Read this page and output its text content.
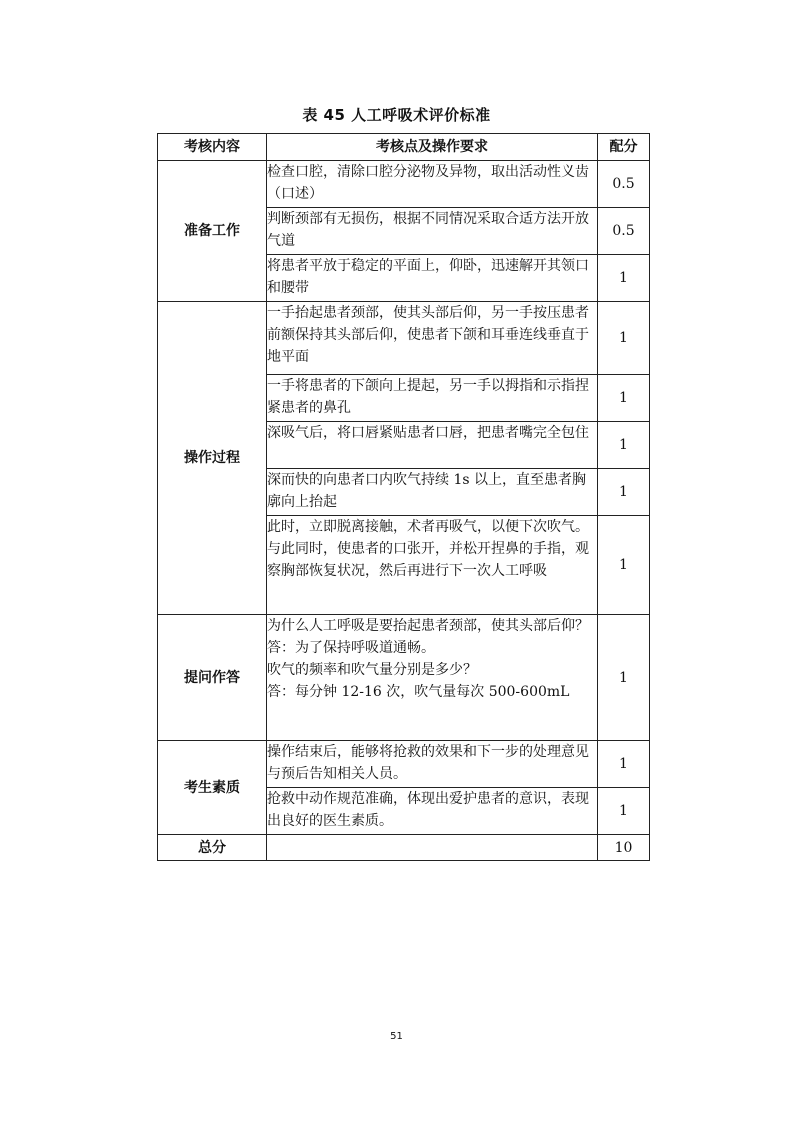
表 45 人工呼吸术评价标准
考核内容	考核点及操作要求	配分
准备工作	检查口腔，清除口腔分泌物及异物，取出活动性义齿（口述）	0.5

	判断颈部有无损伤，根据不同情况采取合适方法开放气道	0.5

	将患者平放于稳定的平面上，仰卧，迅速解开其领口和腰带	1
操作过程	一手抬起患者颈部，使其头部后仰，另一手按压患者前额保持其头部后仰，使患者下颌和耳垂连线垂直于地平面	1

	一手将患者的下颌向上提起，另一手以拇指和示指捏紧患者的鼻孔	1

	深吸气后，将口唇紧贴患者口唇，把患者嘴完全包住	1

	深而快的向患者口内吹气持续 1s 以上，直至患者胸廓向上抬起	1

	此时，立即脱离接触，术者再吸气，以便下次吹气。与此同时，使患者的口张开，并松开捏鼻的手指，观察胸部恢复状况，然后再进行下一次人工呼吸	1
提问作答	为什么人工呼吸是要抬起患者颈部，使其头部后仰？

答：为了保持呼吸道通畅。

吹气的频率和吹气量分别是多少？

答：每分钟 12-16 次，吹气量每次 500-600mL	1
考生素质	操作结束后，能够将抢救的效果和下一步的处理意见与预后告知相关人员。	1

	抢救中动作规范准确，体现出爱护患者的意识，表现出良好的医生素质。	1
总分		10
51
